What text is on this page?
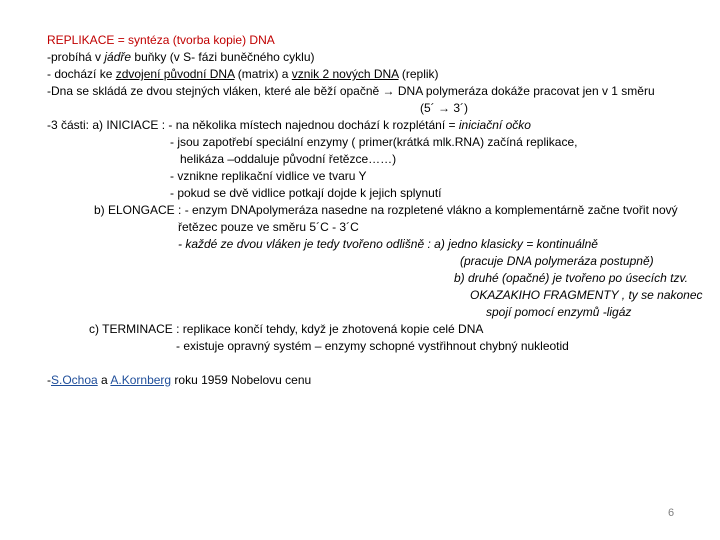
REPLIKACE = syntéza (tvorba kopie) DNA
-probíhá v jádře buňky (v S- fázi buněčného cyklu)
- dochází ke zdvojení původní DNA (matrix) a vznik 2 nových DNA (replik)
-Dna se skládá ze dvou stejných vláken, které ale běží opačně → DNA polymeráza dokáže pracovat jen v 1 směru
(5´ → 3´)
-3 části: a) INICIACE : - na několika místech najednou dochází k rozplétání = iniciační očko
- jsou zapotřebí speciální enzymy ( primer(krátká mlk.RNA) začíná replikace,
helikáza –oddaluje původní řetězce……)
- vznikne replikační vidlice ve tvaru Y
- pokud se dvě vidlice potkají dojde k jejich splynutí
b) ELONGACE : - enzym DNApolymeráza nasedne na rozpletené vlákno a komplementárně začne tvořit nový
řetězec pouze ve směru 5´C - 3´C
- každé ze dvou vláken je tedy tvořeno odlišně : a) jedno klasicky = kontinuálně
(pracuje DNA polymeráza postupně)
b) druhé (opačné) je tvořeno po úsecích tzv.
OKAZAKIHO FRAGMENTY , ty se nakonec
spojí pomocí enzymů -ligáz
c) TERMINACE : replikace končí tehdy, když je zhotovená kopie celé DNA
- existuje opravný systém – enzymy schopné vystřihnout chybný nukleotid
-S.Ochoa a A.Kornberg roku 1959 Nobelovu cenu
6
